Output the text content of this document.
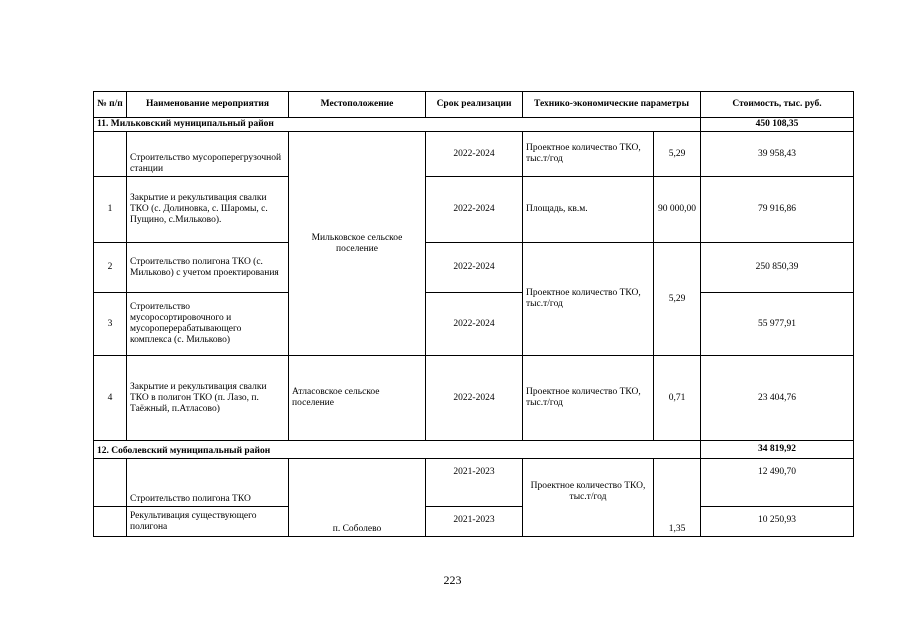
№ п/п	Наименование мероприятия	Местоположение	Срок реализации	Технико-экономические параметры		Стоимость, тыс. руб.
11. Мильковский муниципальный район						450 108,35
	Строительство мусороперегрузочной станции	Мильковское сельское поселение	2022-2024	Проектное количество ТКО, тыс.т/год	5,29	39 958,43
1	Закрытие и рекультивация свалки ТКО (с. Долиновка, с. Шаромы, с. Пущино, с.Мильково).		2022-2024	Площадь, кв.м.	90 000,00	79 916,86
2	Строительство полигона ТКО (с. Мильково) с учетом проектирования		2022-2024	Проектное количество ТКО, тыс.т/год	5,29	250 850,39
3	Строительство мусоросортировочного и мусороперерабатывающего комплекса (с. Мильково)		2022-2024			55 977,91
4	Закрытие и рекультивация свалки ТКО в полигон ТКО (п. Лазо, п. Таёжный, п.Атласово)	Атласовское сельское поселение	2022-2024	Проектное количество ТКО, тыс.т/год	0,71	23 404,76
12. Соболевский муниципальный район						34 819,92
	Строительство полигона ТКО	п. Соболево	2021-2023	Проектное количество ТКО, тыс.т/год	1,35	12 490,70
	Рекультивация существующего полигона		2021-2023			10 250,93
223
